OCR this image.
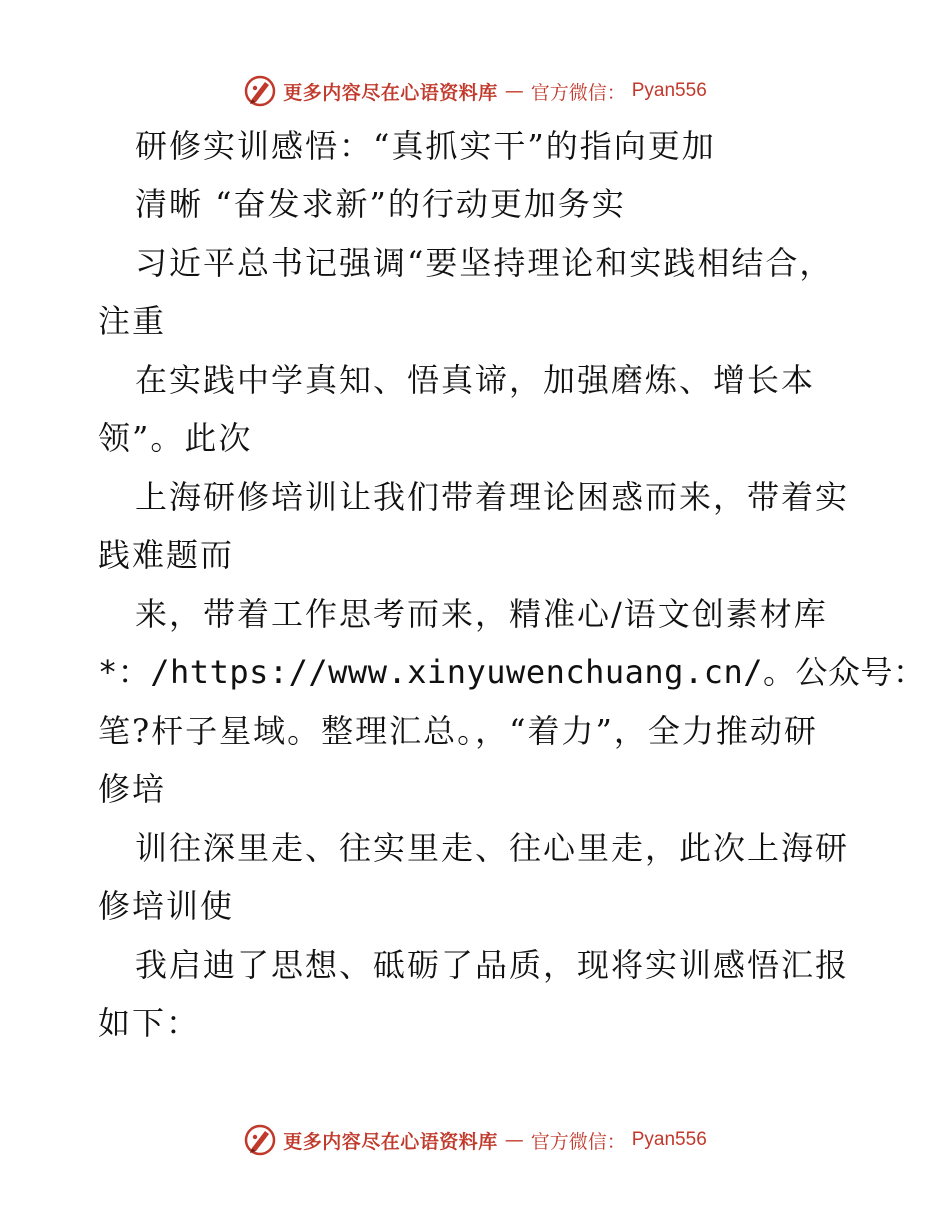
更多内容尽在心语资料库 — 官方微信： Pyan556
研修实训感悟：“真抓实干”的指向更加
清晰 “奋发求新”的行动更加务实
习近平总书记强调“要坚持理论和实践相结合，
注重
在实践中学真知、悟真谛，加强磨炼、增长本
领”。此次
上海研修培训让我们带着理论困惑而来，带着实
践难题而
来，带着工作思考而来，精准心/语文创素材库
*：/https://www.xinyuwenchuang.cn/。公众号：
笔?杆子星域。整理汇总。，“着力”，全力推动研
修培
训往深里走、往实里走、往心里走，此次上海研
修培训使
我启迪了思想、砥砺了品质，现将实训感悟汇报
如下：
更多内容尽在心语资料库 — 官方微信： Pyan556
